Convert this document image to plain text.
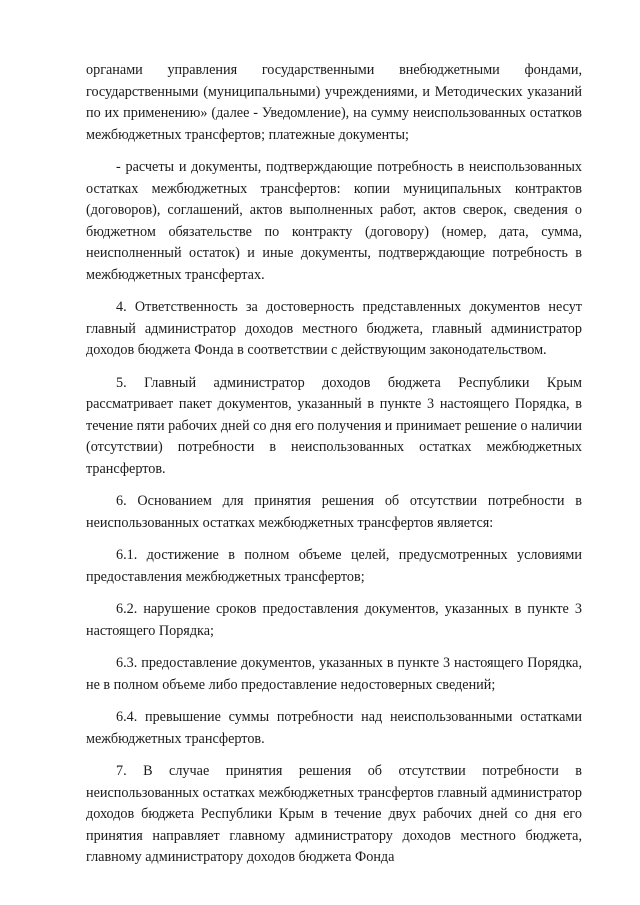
органами управления государственными внебюджетными фондами, государственными (муниципальными) учреждениями, и Методических указаний по их применению» (далее - Уведомление), на сумму неиспользованных остатков межбюджетных трансфертов; платежные документы;

- расчеты и документы, подтверждающие потребность в неиспользованных остатках межбюджетных трансфертов: копии муниципальных контрактов (договоров), соглашений, актов выполненных работ, актов сверок, сведения о бюджетном обязательстве по контракту (договору) (номер, дата, сумма, неисполненный остаток) и иные документы, подтверждающие потребность в межбюджетных трансфертах.

4. Ответственность за достоверность представленных документов несут главный администратор доходов местного бюджета, главный администратор доходов бюджета Фонда в соответствии с действующим законодательством.

5. Главный администратор доходов бюджета Республики Крым рассматривает пакет документов, указанный в пункте 3 настоящего Порядка, в течение пяти рабочих дней со дня его получения и принимает решение о наличии (отсутствии) потребности в неиспользованных остатках межбюджетных трансфертов.

6. Основанием для принятия решения об отсутствии потребности в неиспользованных остатках межбюджетных трансфертов является:

6.1. достижение в полном объеме целей, предусмотренных условиями предоставления межбюджетных трансфертов;

6.2. нарушение сроков предоставления документов, указанных в пункте 3 настоящего Порядка;

6.3. предоставление документов, указанных в пункте 3 настоящего Порядка, не в полном объеме либо предоставление недостоверных сведений;

6.4. превышение суммы потребности над неиспользованными остатками межбюджетных трансфертов.

7. В случае принятия решения об отсутствии потребности в неиспользованных остатках межбюджетных трансфертов главный администратор доходов бюджета Республики Крым в течение двух рабочих дней со дня его принятия направляет главному администратору доходов местного бюджета, главному администратору доходов бюджета Фонда
